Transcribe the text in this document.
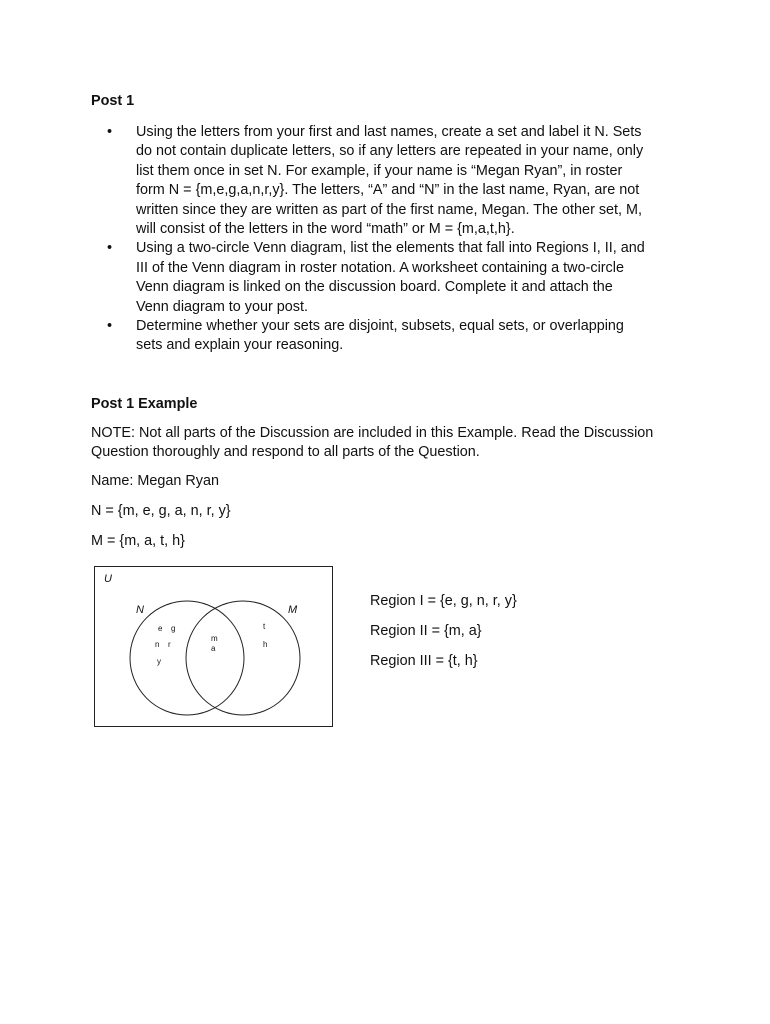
Post 1

• Using the letters from your first and last names, create a set and label it N. Sets
do not contain duplicate letters, so if any letters are repeated in your name, only
list them once in set N. For example, if your name is “Megan Ryan”, in roster
form N = {m,e,g,a,n,r,y}. The letters, “A” and “N” in the last name, Ryan, are not
written since they are written as part of the first name, Megan. The other set, M,
will consist of the letters in the word “math” or M = {m,a,t,h}.
• Using a two-circle Venn diagram, list the elements that fall into Regions I, II, and
III of the Venn diagram in roster notation. A worksheet containing a two-circle
Venn diagram is linked on the discussion board. Complete it and attach the
Venn diagram to your post.
• Determine whether your sets are disjoint, subsets, equal sets, or overlapping
sets and explain your reasoning.

Post 1 Example

NOTE: Not all parts of the Discussion are included in this Example. Read the Discussion

Question thoroughly and respond to all parts of the Question.

Name: Megan Ryan

N = {m, e, g, a, n, r, y}

M = {m, a, t, h}

U
N	M
e g
n r
y
m
a
t
h

Region I = {e, g, n, r, y}

Region II = {m, a}

Region III = {t, h}
